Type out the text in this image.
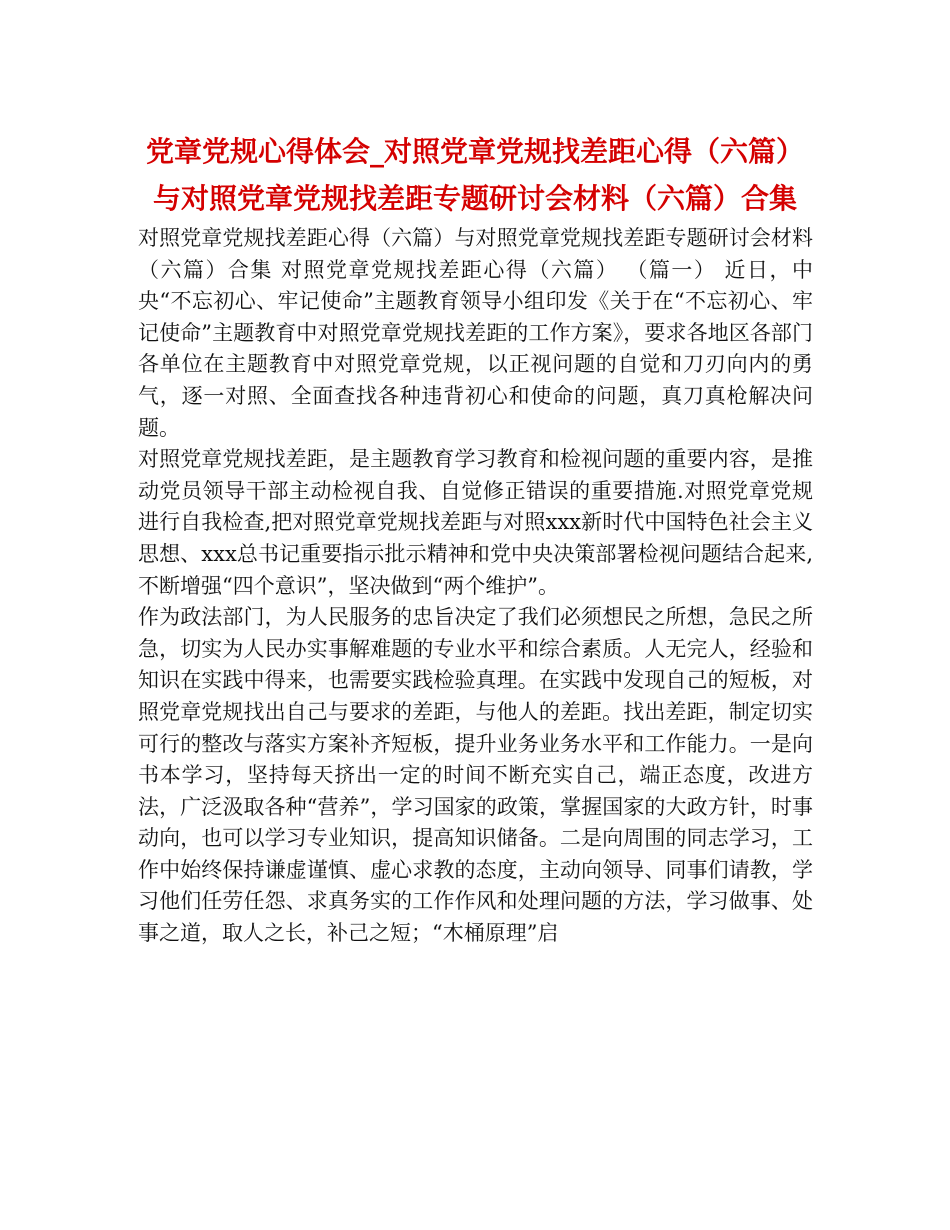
党章党规心得体会_对照党章党规找差距心得（六篇）
与对照党章党规找差距专题研讨会材料（六篇）合集

对照党章党规找差距心得（六篇）与对照党章党规找差距专题研讨会材料（六篇）合集 对照党章党规找差距心得（六篇） （篇一） 近日，中央“不忘初心、牢记使命”主题教育领导小组印发《关于在“不忘初心、牢记使命”主题教育中对照党章党规找差距的工作方案》，要求各地区各部门各单位在主题教育中对照党章党规，以正视问题的自觉和刀刃向内的勇气，逐一对照、全面查找各种违背初心和使命的问题，真刀真枪解决问题。

对照党章党规找差距，是主题教育学习教育和检视问题的重要内容，是推动党员领导干部主动检视自我、自觉修正错误的重要措施.对照党章党规进行自我检查,把对照党章党规找差距与对照xxx新时代中国特色社会主义思想、xxx总书记重要指示批示精神和党中央决策部署检视问题结合起来,不断增强“四个意识”，坚决做到“两个维护”。

作为政法部门，为人民服务的忠旨决定了我们必须想民之所想，急民之所急，切实为人民办实事解难题的专业水平和综合素质。人无完人，经验和知识在实践中得来，也需要实践检验真理。在实践中发现自己的短板，对照党章党规找出自己与要求的差距，与他人的差距。找出差距，制定切实可行的整改与落实方案补齐短板，提升业务业务水平和工作能力。一是向书本学习，坚持每天挤出一定的时间不断充实自己，端正态度，改进方法，广泛汲取各种“营养”，学习国家的政策，掌握国家的大政方针，时事动向，也可以学习专业知识，提高知识储备。二是向周围的同志学习，工作中始终保持谦虚谨慎、虚心求教的态度，主动向领导、同事们请教，学习他们任劳任怨、求真务实的工作作风和处理问题的方法，学习做事、处事之道，取人之长，补己之短；“木桶原理”启
